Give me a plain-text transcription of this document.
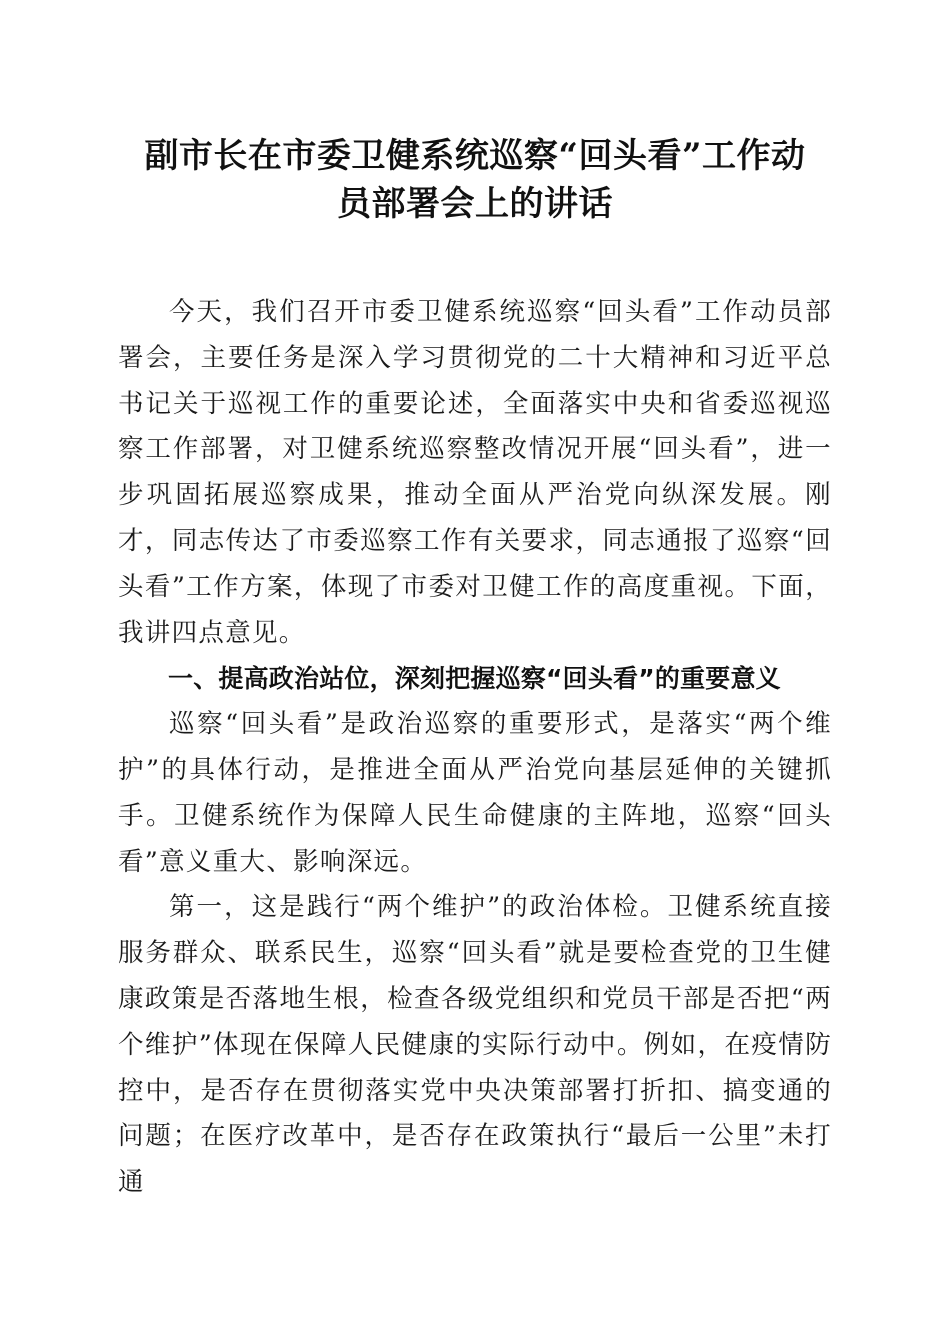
副市长在市委卫健系统巡察“回头看”工作动
员部署会上的讲话

今天，我们召开市委卫健系统巡察“回头看”工作动员部署会，主要任务是深入学习贯彻党的二十大精神和习近平总书记关于巡视工作的重要论述，全面落实中央和省委巡视巡察工作部署，对卫健系统巡察整改情况开展“回头看”，进一步巩固拓展巡察成果，推动全面从严治党向纵深发展。刚才，同志传达了市委巡察工作有关要求，同志通报了巡察“回头看”工作方案，体现了市委对卫健工作的高度重视。下面，我讲四点意见。

一、提高政治站位，深刻把握巡察“回头看”的重要意义

巡察“回头看”是政治巡察的重要形式，是落实“两个维护”的具体行动，是推进全面从严治党向基层延伸的关键抓手。卫健系统作为保障人民生命健康的主阵地，巡察“回头看”意义重大、影响深远。

第一，这是践行“两个维护”的政治体检。卫健系统直接服务群众、联系民生，巡察“回头看”就是要检查党的卫生健康政策是否落地生根，检查各级党组织和党员干部是否把“两个维护”体现在保障人民健康的实际行动中。例如，在疫情防控中，是否存在贯彻落实党中央决策部署打折扣、搞变通的问题；在医疗改革中，是否存在政策执行“最后一公里”未打通
